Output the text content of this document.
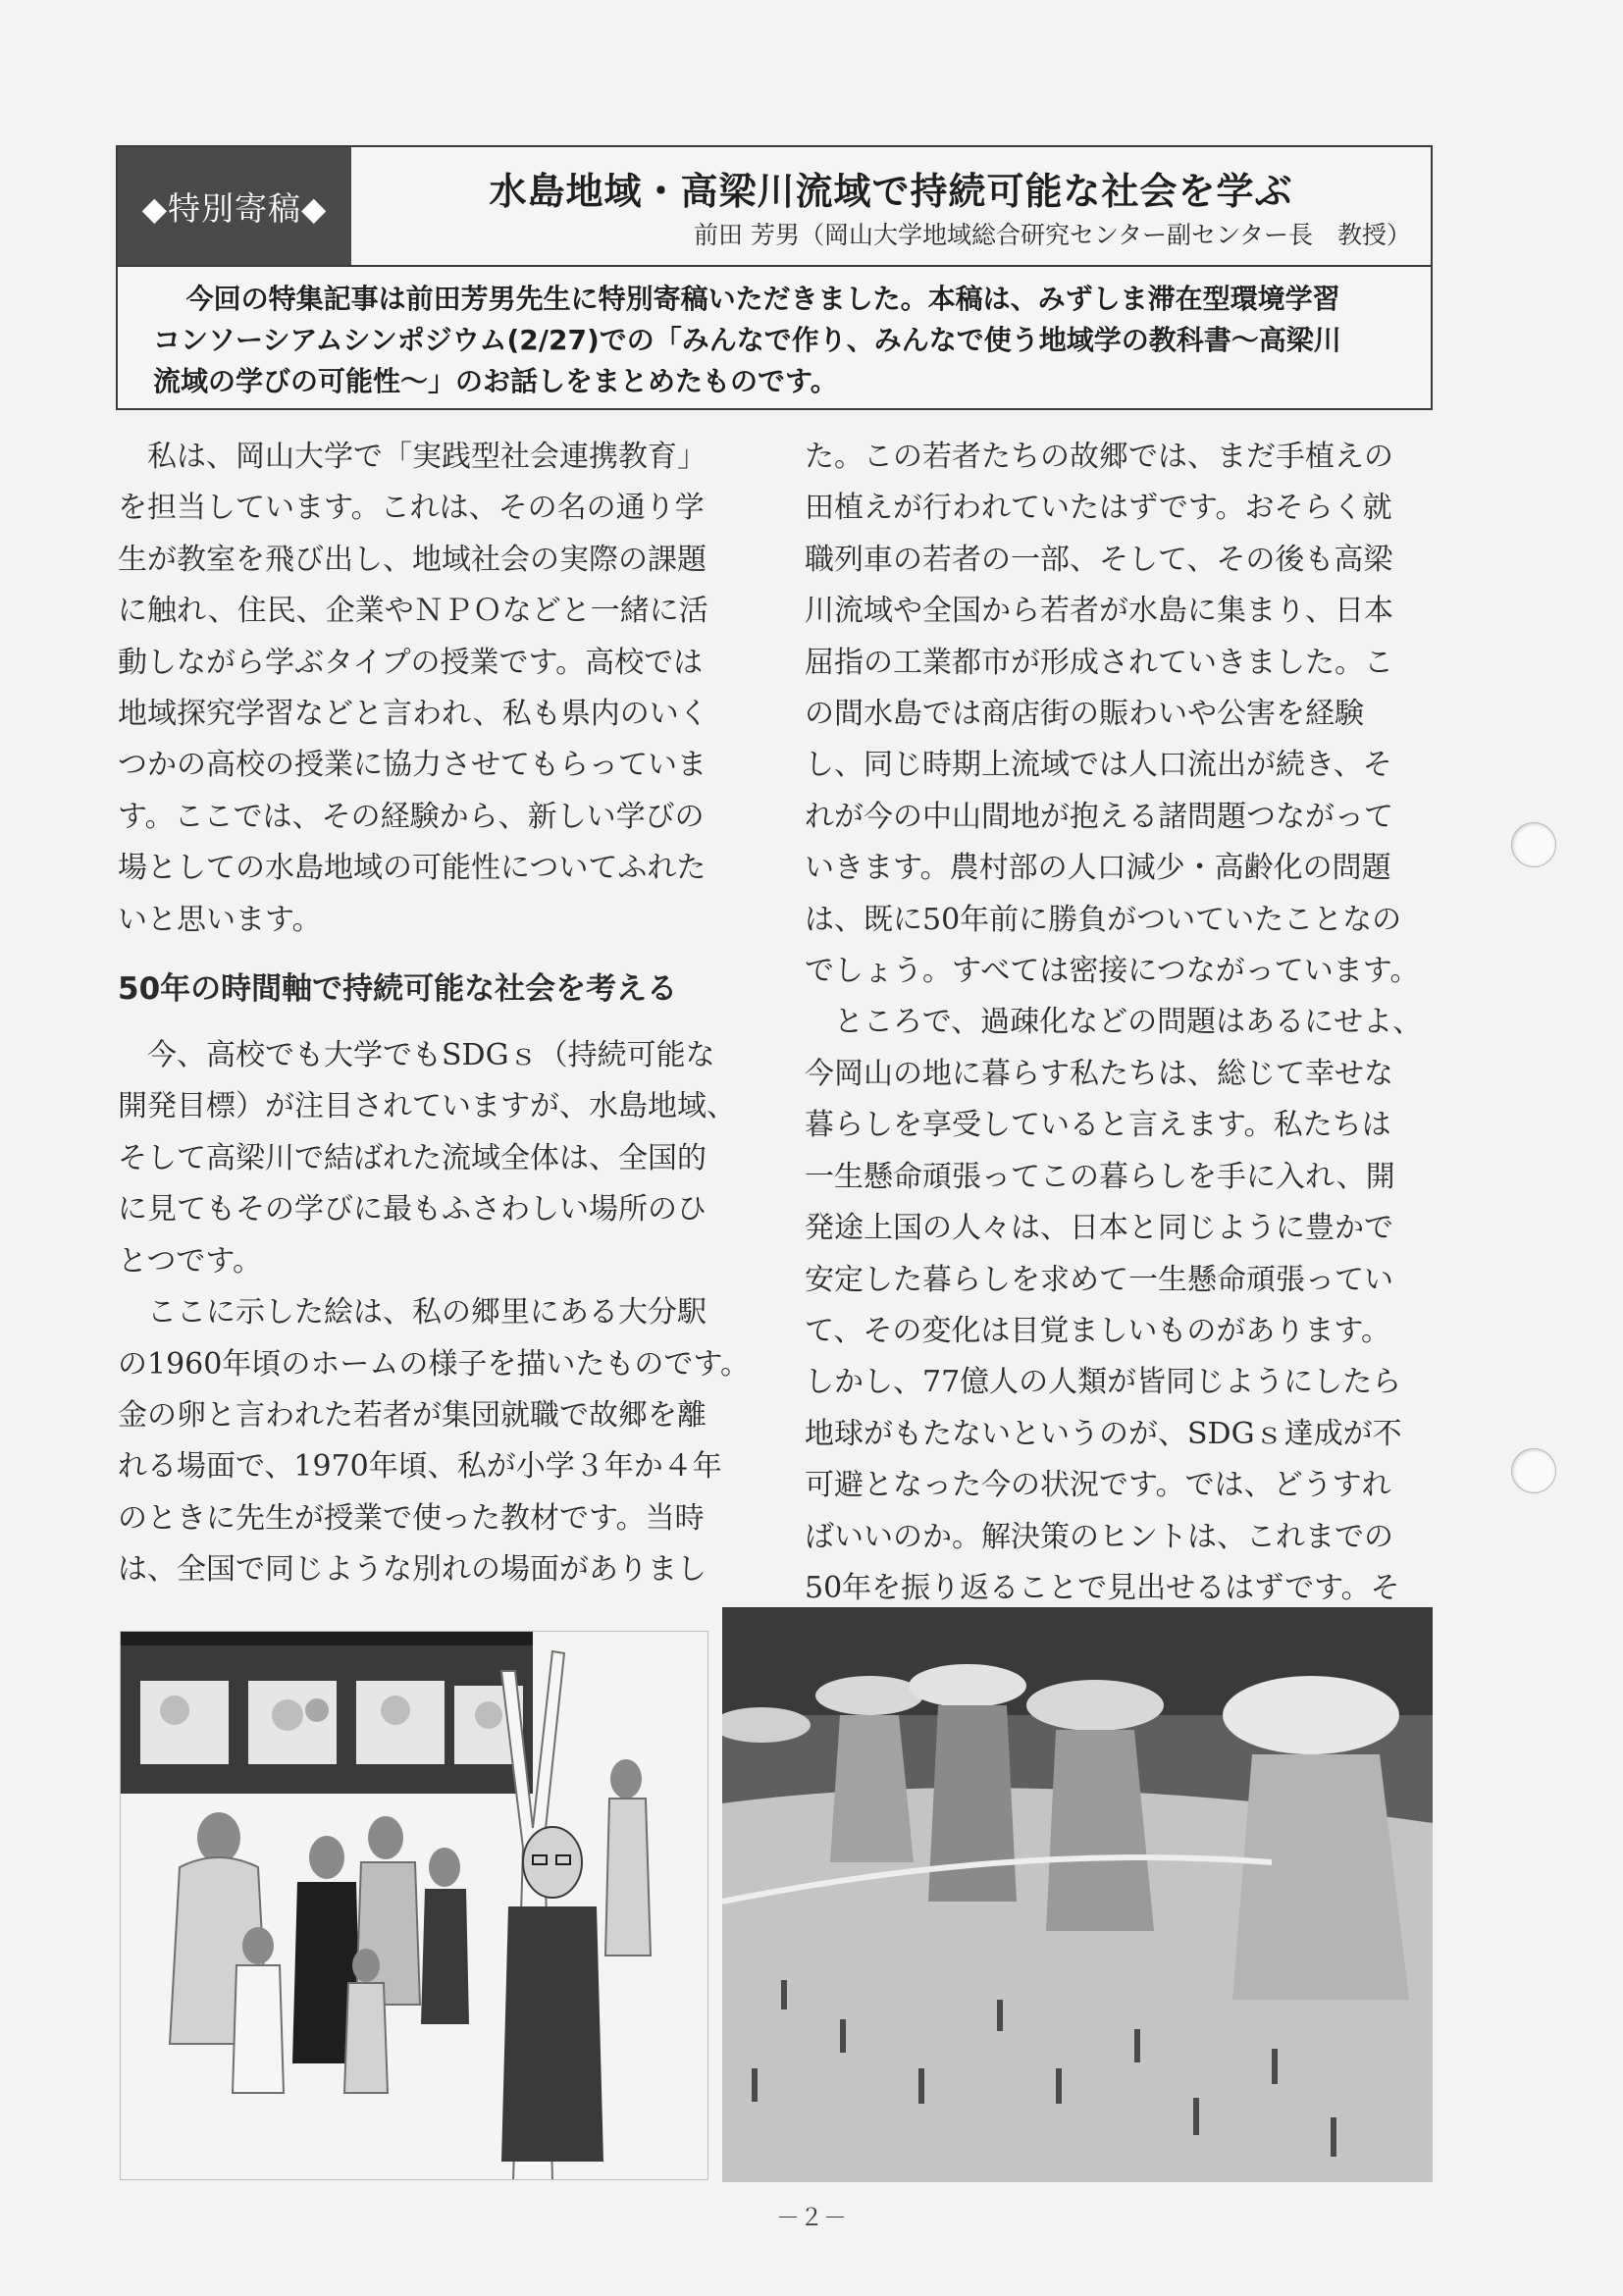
◆特別寄稿◆	水島地域・高梁川流域で持続可能な社会を学ぶ
前田 芳男（岡山大学地域総合研究センター副センター長　教授）

今回の特集記事は前田芳男先生に特別寄稿いただきました。本稿は、みずしま滞在型環境学習

コンソーシアムシンポジウム(2/27)での「みんなで作り、みんなで使う地域学の教科書～高梁川

流域の学びの可能性～」のお話しをまとめたものです。

私は、岡山大学で「実践型社会連携教育」

を担当しています。これは、その名の通り学

生が教室を飛び出し、地域社会の実際の課題

に触れ、住民、企業やＮＰＯなどと一緒に活

動しながら学ぶタイプの授業です。高校では

地域探究学習などと言われ、私も県内のいく

つかの高校の授業に協力させてもらっていま

す。ここでは、その経験から、新しい学びの

場としての水島地域の可能性についてふれた

いと思います。

50年の時間軸で持続可能な社会を考える

今、高校でも大学でもSDGｓ（持続可能な

開発目標）が注目されていますが、水島地域、

そして高梁川で結ばれた流域全体は、全国的

に見てもその学びに最もふさわしい場所のひ

とつです。

ここに示した絵は、私の郷里にある大分駅

の1960年頃のホームの様子を描いたものです。

金の卵と言われた若者が集団就職で故郷を離

れる場面で、1970年頃、私が小学３年か４年

のときに先生が授業で使った教材です。当時

は、全国で同じような別れの場面がありまし

た。この若者たちの故郷では、まだ手植えの

田植えが行われていたはずです。おそらく就

職列車の若者の一部、そして、その後も高梁

川流域や全国から若者が水島に集まり、日本

屈指の工業都市が形成されていきました。こ

の間水島では商店街の賑わいや公害を経験

し、同じ時期上流域では人口流出が続き、そ

れが今の中山間地が抱える諸問題つながって

いきます。農村部の人口減少・高齢化の問題

は、既に50年前に勝負がついていたことなの

でしょう。すべては密接につながっています。

ところで、過疎化などの問題はあるにせよ、

今岡山の地に暮らす私たちは、総じて幸せな

暮らしを享受していると言えます。私たちは

一生懸命頑張ってこの暮らしを手に入れ、開

発途上国の人々は、日本と同じように豊かで

安定した暮らしを求めて一生懸命頑張ってい

て、その変化は目覚ましいものがあります。

しかし、77億人の人類が皆同じようにしたら

地球がもたないというのが、SDGｓ達成が不

可避となった今の状況です。では、どうすれ

ばいいのか。解決策のヒントは、これまでの

50年を振り返ることで見出せるはずです。そ

－２－
